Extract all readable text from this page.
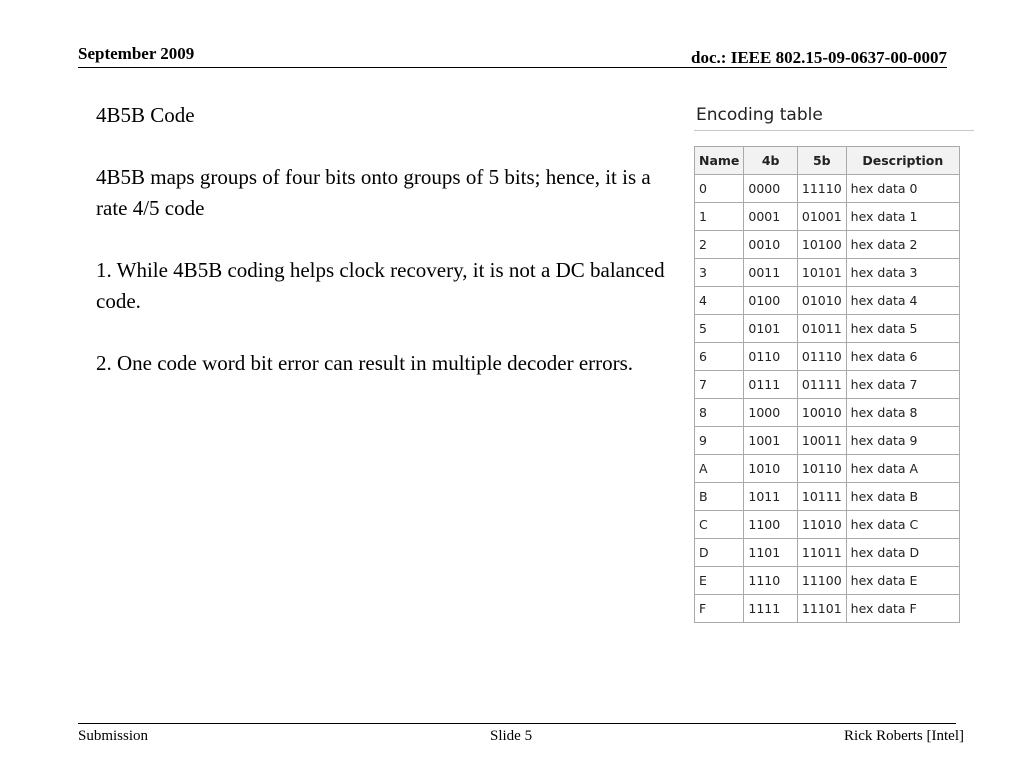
September 2009	doc.: IEEE 802.15-09-0637-00-0007

4B5B Code

4B5B maps groups of four bits onto groups of 5 bits; hence, it is a rate 4/5 code

1. While 4B5B coding helps clock recovery, it is not a DC balanced code.

2. One code word bit error can result in multiple decoder errors.

Encoding table
Name	4b	5b	Description
0	0000	11110	hex data 0
1	0001	01001	hex data 1
2	0010	10100	hex data 2
3	0011	10101	hex data 3
4	0100	01010	hex data 4
5	0101	01011	hex data 5
6	0110	01110	hex data 6
7	0111	01111	hex data 7
8	1000	10010	hex data 8
9	1001	10011	hex data 9
A	1010	10110	hex data A
B	1011	10111	hex data B
C	1100	11010	hex data C
D	1101	11011	hex data D
E	1110	11100	hex data E
F	1111	11101	hex data F

Submission	Slide 5	Rick Roberts [Intel]
